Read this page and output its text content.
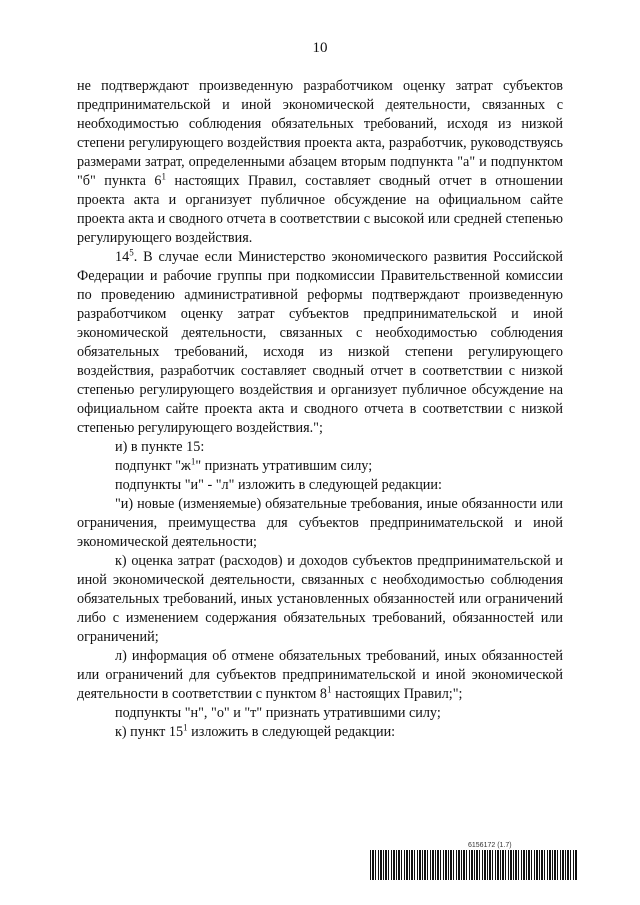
10

не подтверждают произведенную разработчиком оценку затрат субъектов предпринимательской и иной экономической деятельности, связанных с необходимостью соблюдения обязательных требований, исходя из низкой степени регулирующего воздействия проекта акта, разработчик, руководствуясь размерами затрат, определенными абзацем вторым подпункта "а" и подпунктом "б" пункта $6^1$ настоящих Правил, составляет сводный отчет в отношении проекта акта и организует публичное обсуждение на официальном сайте проекта акта и сводного отчета в соответствии с высокой или средней степенью регулирующего воздействия.

$14^5$. В случае если Министерство экономического развития Российской Федерации и рабочие группы при подкомиссии Правительственной комиссии по проведению административной реформы подтверждают произведенную разработчиком оценку затрат субъектов предпринимательской и иной экономической деятельности, связанных с необходимостью соблюдения обязательных требований, исходя из низкой степени регулирующего воздействия, разработчик составляет сводный отчет в соответствии с низкой степенью регулирующего воздействия и организует публичное обсуждение на официальном сайте проекта акта и сводного отчета в соответствии с низкой степенью регулирующего воздействия.";

и) в пункте 15:

подпункт "$ж^1$" признать утратившим силу;

подпункты "и" - "л" изложить в следующей редакции:

"и) новые (изменяемые) обязательные требования, иные обязанности или ограничения, преимущества для субъектов предпринимательской и иной экономической деятельности;

к) оценка затрат (расходов) и доходов субъектов предпринимательской и иной экономической деятельности, связанных с необходимостью соблюдения обязательных требований, иных установленных обязанностей или ограничений либо с изменением содержания обязательных требований, обязанностей или ограничений;

л) информация об отмене обязательных требований, иных обязанностей или ограничений для субъектов предпринимательской и иной экономической деятельности в соответствии с пунктом $8^1$ настоящих Правил;";

подпункты "н", "о" и "т" признать утратившими силу;

к) пункт $15^1$ изложить в следующей редакции:

6156172 (1.7)
